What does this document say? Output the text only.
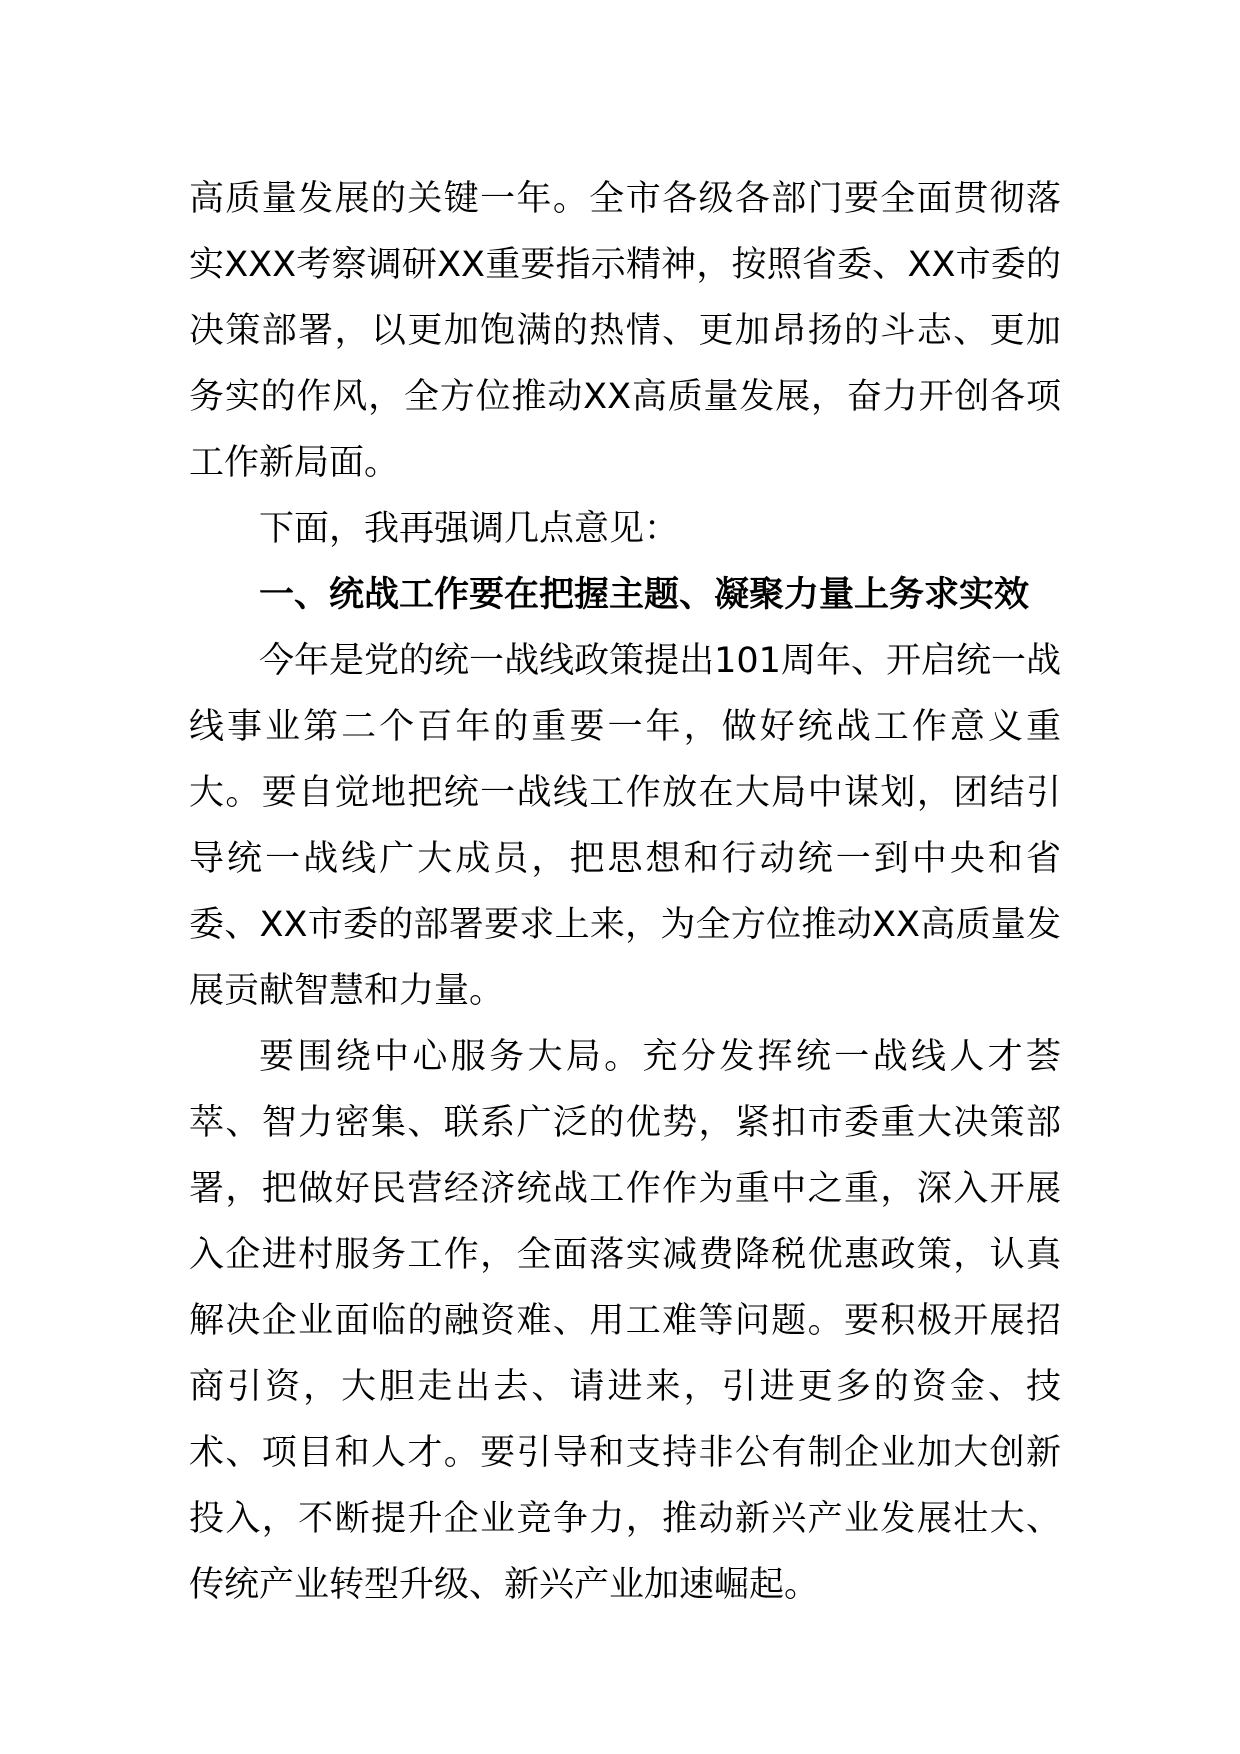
高质量发展的关键一年。全市各级各部门要全面贯彻落实XXX考察调研XX重要指示精神，按照省委、XX市委的决策部署，以更加饱满的热情、更加昂扬的斗志、更加务实的作风，全方位推动XX高质量发展，奋力开创各项工作新局面。

下面，我再强调几点意见：

一、统战工作要在把握主题、凝聚力量上务求实效

今年是党的统一战线政策提出101周年、开启统一战线事业第二个百年的重要一年，做好统战工作意义重大。要自觉地把统一战线工作放在大局中谋划，团结引导统一战线广大成员，把思想和行动统一到中央和省委、XX市委的部署要求上来，为全方位推动XX高质量发展贡献智慧和力量。

要围绕中心服务大局。充分发挥统一战线人才荟萃、智力密集、联系广泛的优势，紧扣市委重大决策部署，把做好民营经济统战工作作为重中之重，深入开展入企进村服务工作，全面落实减费降税优惠政策，认真解决企业面临的融资难、用工难等问题。要积极开展招商引资，大胆走出去、请进来，引进更多的资金、技术、项目和人才。要引导和支持非公有制企业加大创新投入，不断提升企业竞争力，推动新兴产业发展壮大、传统产业转型升级、新兴产业加速崛起。
